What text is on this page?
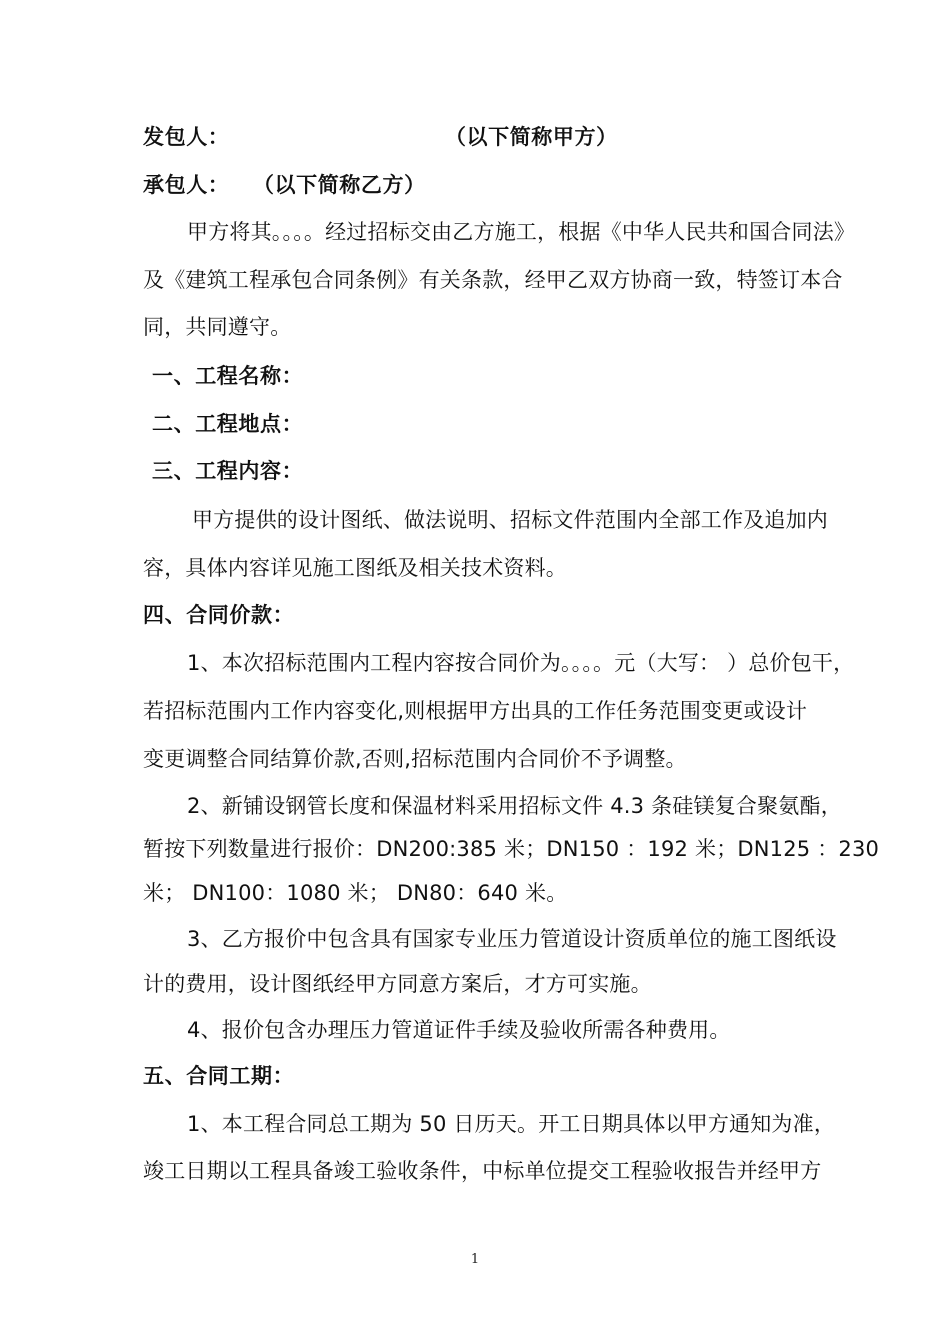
发包人：	（以下简称甲方）
承包人： （以下简称乙方）
甲方将其。。。。经过招标交由乙方施工，根据《中华人民共和国合同法》
及《建筑工程承包合同条例》有关条款，经甲乙双方协商一致，特签订本合
同，共同遵守。
一、工程名称：
二、工程地点：
三、工程内容：
甲方提供的设计图纸、做法说明、招标文件范围内全部工作及追加内
容，具体内容详见施工图纸及相关技术资料。
四、合同价款：
1、本次招标范围内工程内容按合同价为。。。。元（大写： ）总价包干，
若招标范围内工作内容变化,则根据甲方出具的工作任务范围变更或设计
变更调整合同结算价款,否则,招标范围内合同价不予调整。
2、新铺设钢管长度和保温材料采用招标文件 4.3 条硅镁复合聚氨酯，
暂按下列数量进行报价：DN200:385 米；DN150 ：192 米；DN125 ：230
米； DN100：1080 米； DN80：640 米。
3、乙方报价中包含具有国家专业压力管道设计资质单位的施工图纸设
计的费用，设计图纸经甲方同意方案后，才方可实施。
4、报价包含办理压力管道证件手续及验收所需各种费用。
五、合同工期：
1、本工程合同总工期为 50 日历天。开工日期具体以甲方通知为准，
竣工日期以工程具备竣工验收条件，中标单位提交工程验收报告并经甲方
1
